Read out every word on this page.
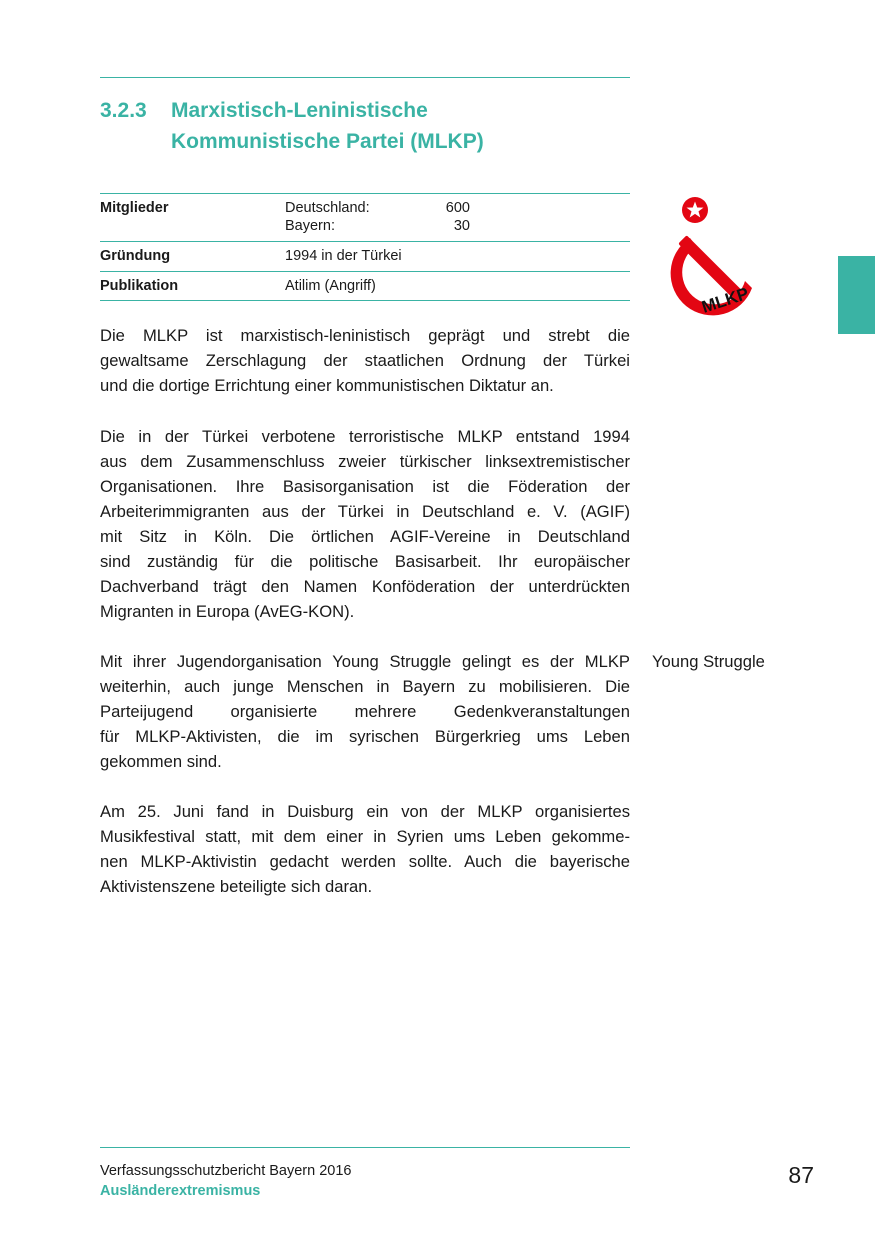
3.2.3 Marxistisch-Leninistische
Kommunistische Partei (MLKP)
Mitglieder	Deutschland:	600
Bayern:	30
Gründung	1994 in der Türkei
Publikation	Atilim (Angriff)	MLKP

Die MLKP ist marxistisch-leninistisch geprägt und strebt die
gewaltsame Zerschlagung der staatlichen Ordnung der Türkei
und die dortige Errichtung einer kommunistischen Diktatur an.

Die in der Türkei verbotene terroristische MLKP entstand 1994
aus dem Zusammenschluss zweier türkischer linksextremistischer
Organisationen. Ihre Basisorganisation ist die Föderation der
Arbeiterimmigranten aus der Türkei in Deutschland e. V. (AGIF)
mit Sitz in Köln. Die örtlichen AGIF-Vereine in Deutschland
sind zuständig für die politische Basisarbeit. Ihr europäischer
Dachverband trägt den Namen Konföderation der unterdrückten
Migranten in Europa (AvEG-KON).

Mit ihrer Jugendorganisation Young Struggle gelingt es der MLKP
weiterhin, auch junge Menschen in Bayern zu mobilisieren. Die
Parteijugend organisierte mehrere Gedenkveranstaltungen
für MLKP-Aktivisten, die im syrischen Bürgerkrieg ums Leben
gekommen sind.

Am 25. Juni fand in Duisburg ein von der MLKP organisiertes
Musikfestival statt, mit dem einer in Syrien ums Leben gekomme-
nen MLKP-Aktivistin gedacht werden sollte. Auch die bayerische
Aktivistenszene beteiligte sich daran.

Young Struggle
Verfassungsschutzbericht Bayern 2016
Ausländerextremismus
87
